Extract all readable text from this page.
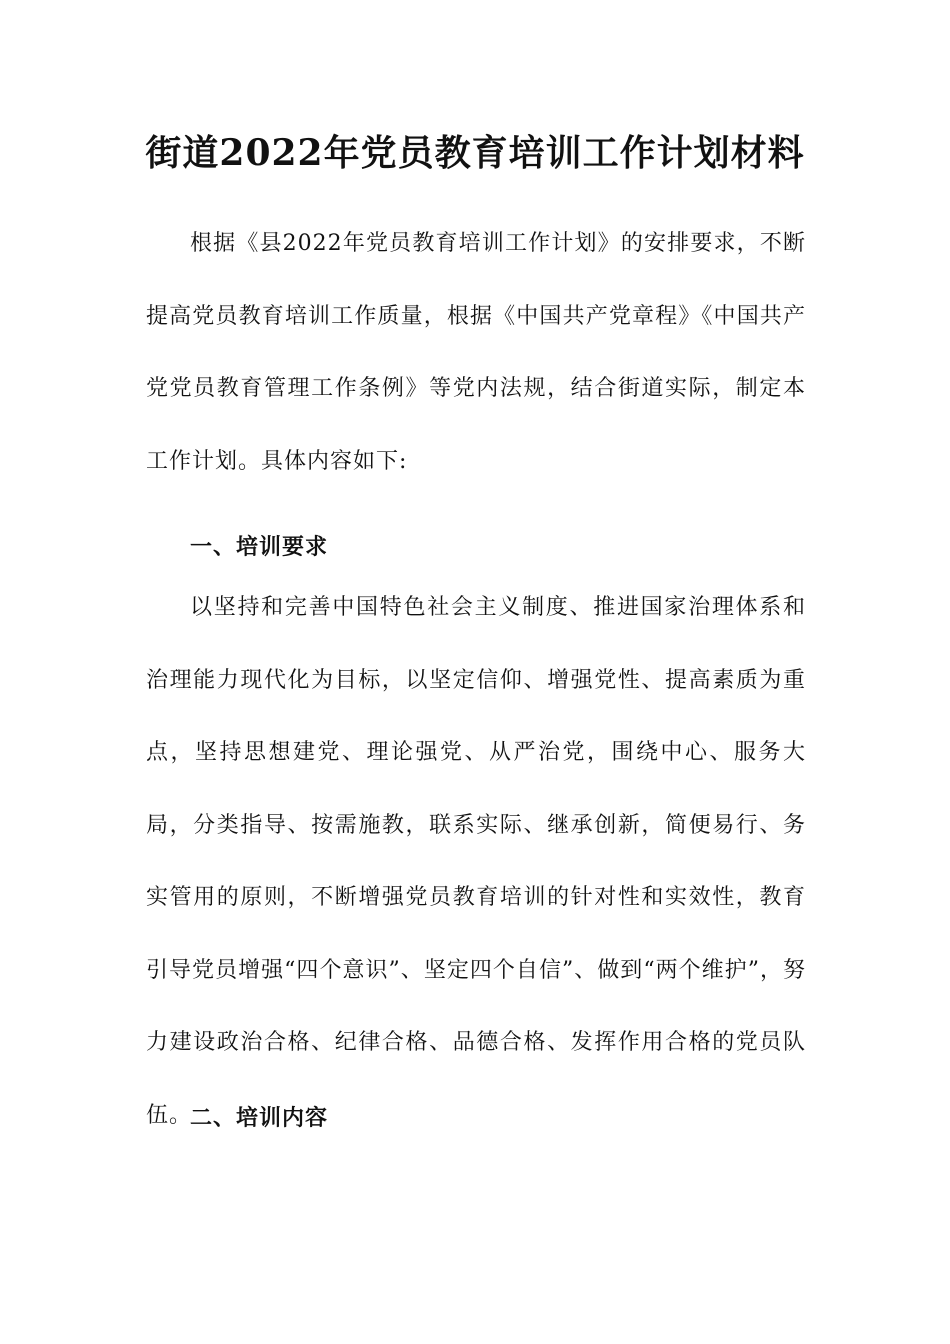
街道2022年党员教育培训工作计划材料
根据《县2022年党员教育培训工作计划》的安排要求，不断提高党员教育培训工作质量，根据《中国共产党章程》《中国共产党党员教育管理工作条例》等党内法规，结合街道实际，制定本工作计划。具体内容如下:
一、培训要求
以坚持和完善中国特色社会主义制度、推进国家治理体系和治理能力现代化为目标，以坚定信仰、增强党性、提高素质为重点，坚持思想建党、理论强党、从严治党，围绕中心、服务大局，分类指导、按需施教，联系实际、继承创新，简便易行、务实管用的原则，不断增强党员教育培训的针对性和实效性，教育引导党员增强“四个意识”、坚定四个自信”、做到“两个维护”，努力建设政治合格、纪律合格、品德合格、发挥作用合格的党员队伍。
二、培训内容
